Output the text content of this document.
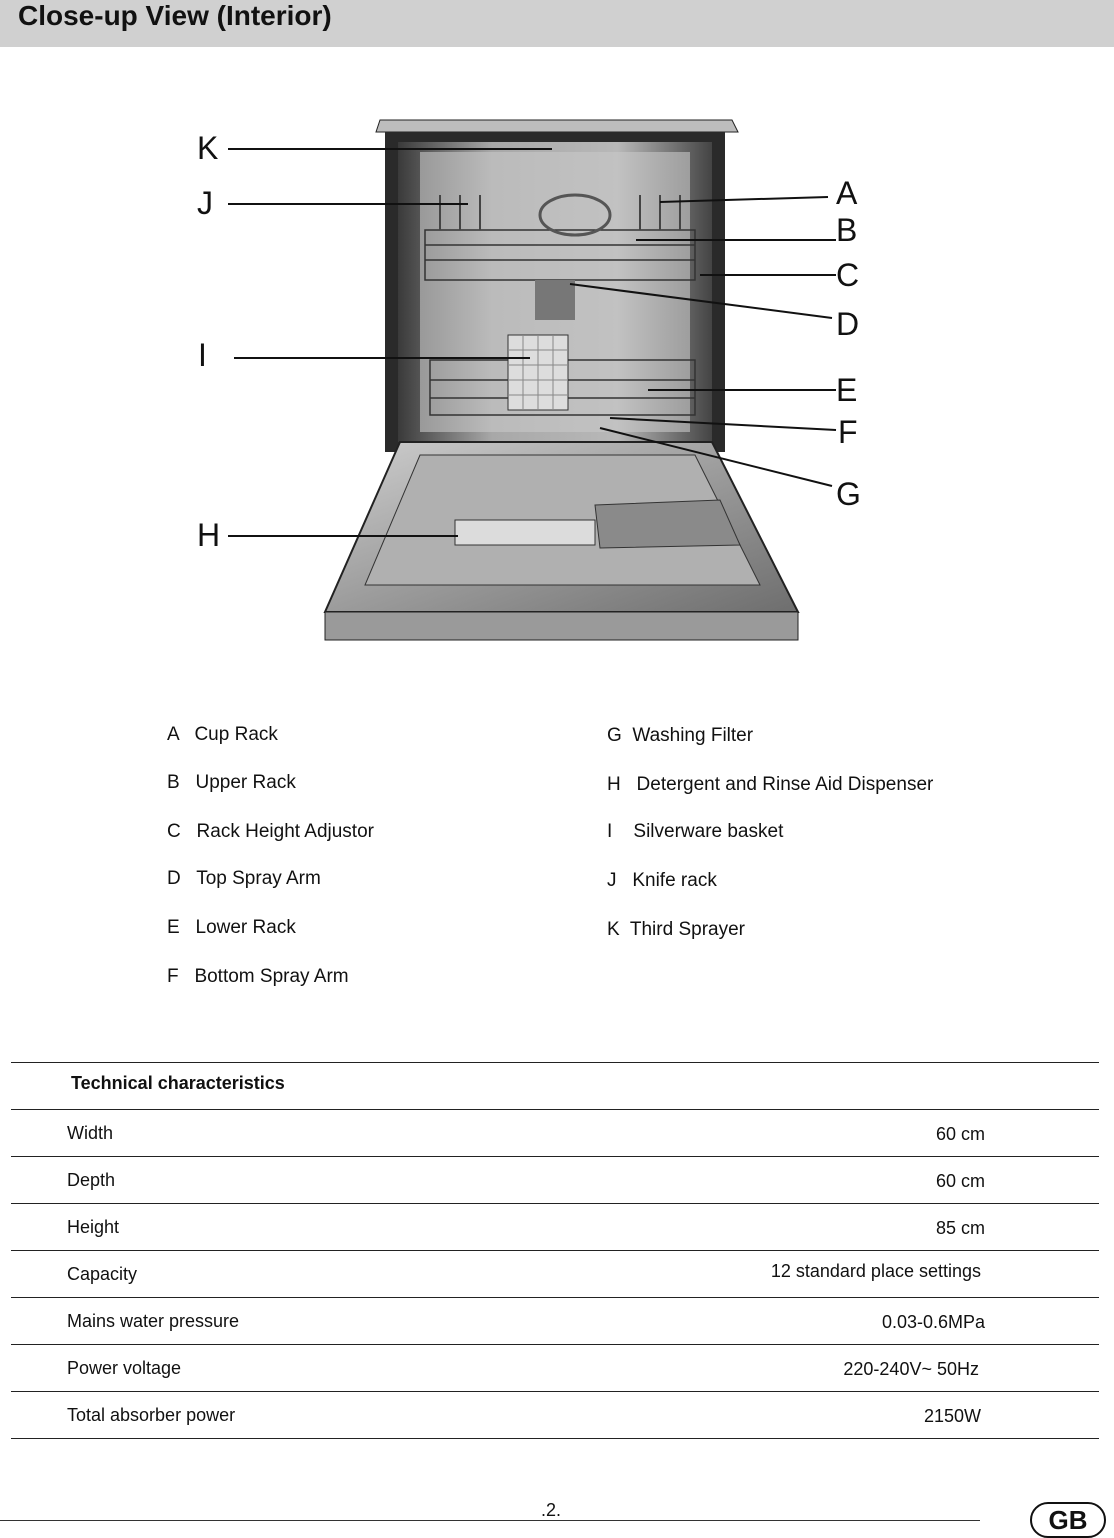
Close-up View (Interior)
K
J
I
H
A
B
C
D
E
F
G
A   Cup Rack
B   Upper Rack
C   Rack Height Adjustor
D   Top Spray Arm
E   Lower Rack
F   Bottom Spray Arm
G  Washing Filter
H   Detergent and Rinse Aid Dispenser
I    Silverware basket
J   Knife rack
K  Third Sprayer
Technical characteristics
Width	60 cm
Depth	60 cm
Height	85 cm
Capacity	12 standard place settings
Mains water pressure	0.03-0.6MPa
Power voltage	220-240V~ 50Hz
Total absorber power	2150W
.2.	GB
